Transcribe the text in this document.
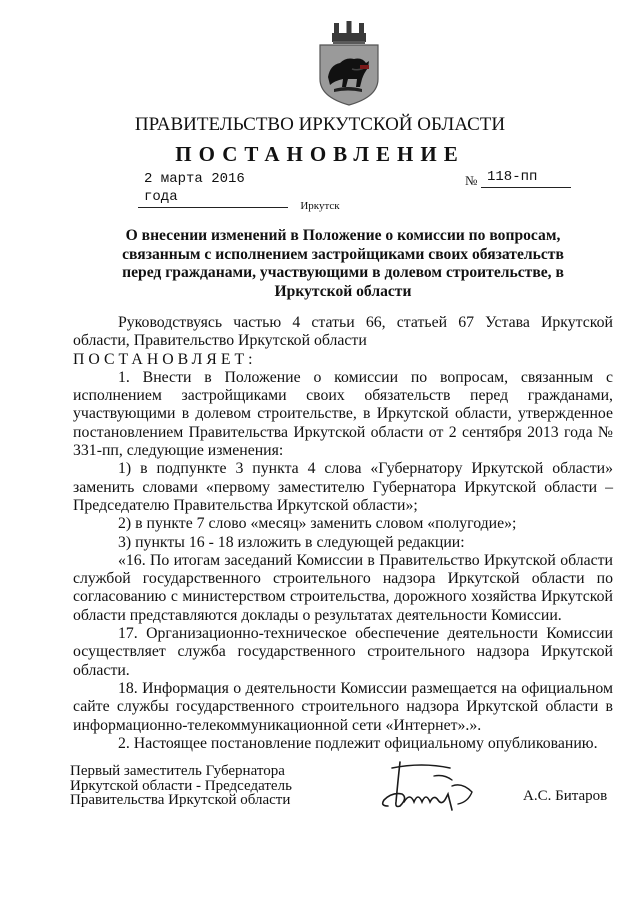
ПРАВИТЕЛЬСТВО ИРКУТСКОЙ ОБЛАСТИ
ПОСТАНОВЛЕНИЕ
2 марта 2016 года
№ 118-пп
Иркутск
О внесении изменений в Положение о комиссии по вопросам, связанным с исполнением застройщиками своих обязательств перед гражданами, участвующими в долевом строительстве, в Иркутской области

Руководствуясь частью 4 статьи 66, статьей 67 Устава Иркутской области, Правительство Иркутской области

ПОСТАНОВЛЯЕТ:

1. Внести в Положение о комиссии по вопросам, связанным с исполнением застройщиками своих обязательств перед гражданами, участвующими в долевом строительстве, в Иркутской области, утвержденное постановлением Правительства Иркутской области от 2 сентября 2013 года № 331-пп, следующие изменения:

1) в подпункте 3 пункта 4 слова «Губернатору Иркутской области» заменить словами «первому заместителю Губернатора Иркутской области – Председателю Правительства Иркутской области»;

2) в пункте 7 слово «месяц» заменить словом «полугодие»;

3) пункты 16 - 18 изложить в следующей редакции:

«16. По итогам заседаний Комиссии в Правительство Иркутской области службой государственного строительного надзора Иркутской области по согласованию с министерством строительства, дорожного хозяйства Иркутской области представляются доклады о результатах деятельности Комиссии.

17. Организационно-техническое обеспечение деятельности Комиссии осуществляет служба государственного строительного надзора Иркутской области.

18. Информация о деятельности Комиссии размещается на официальном сайте службы государственного строительного надзора Иркутской области в информационно-телекоммуникационной сети «Интернет».».

2. Настоящее постановление подлежит официальному опубликованию.

Первый заместитель Губернатора
Иркутской области - Председатель
Правительства Иркутской области	А.С. Битаров
